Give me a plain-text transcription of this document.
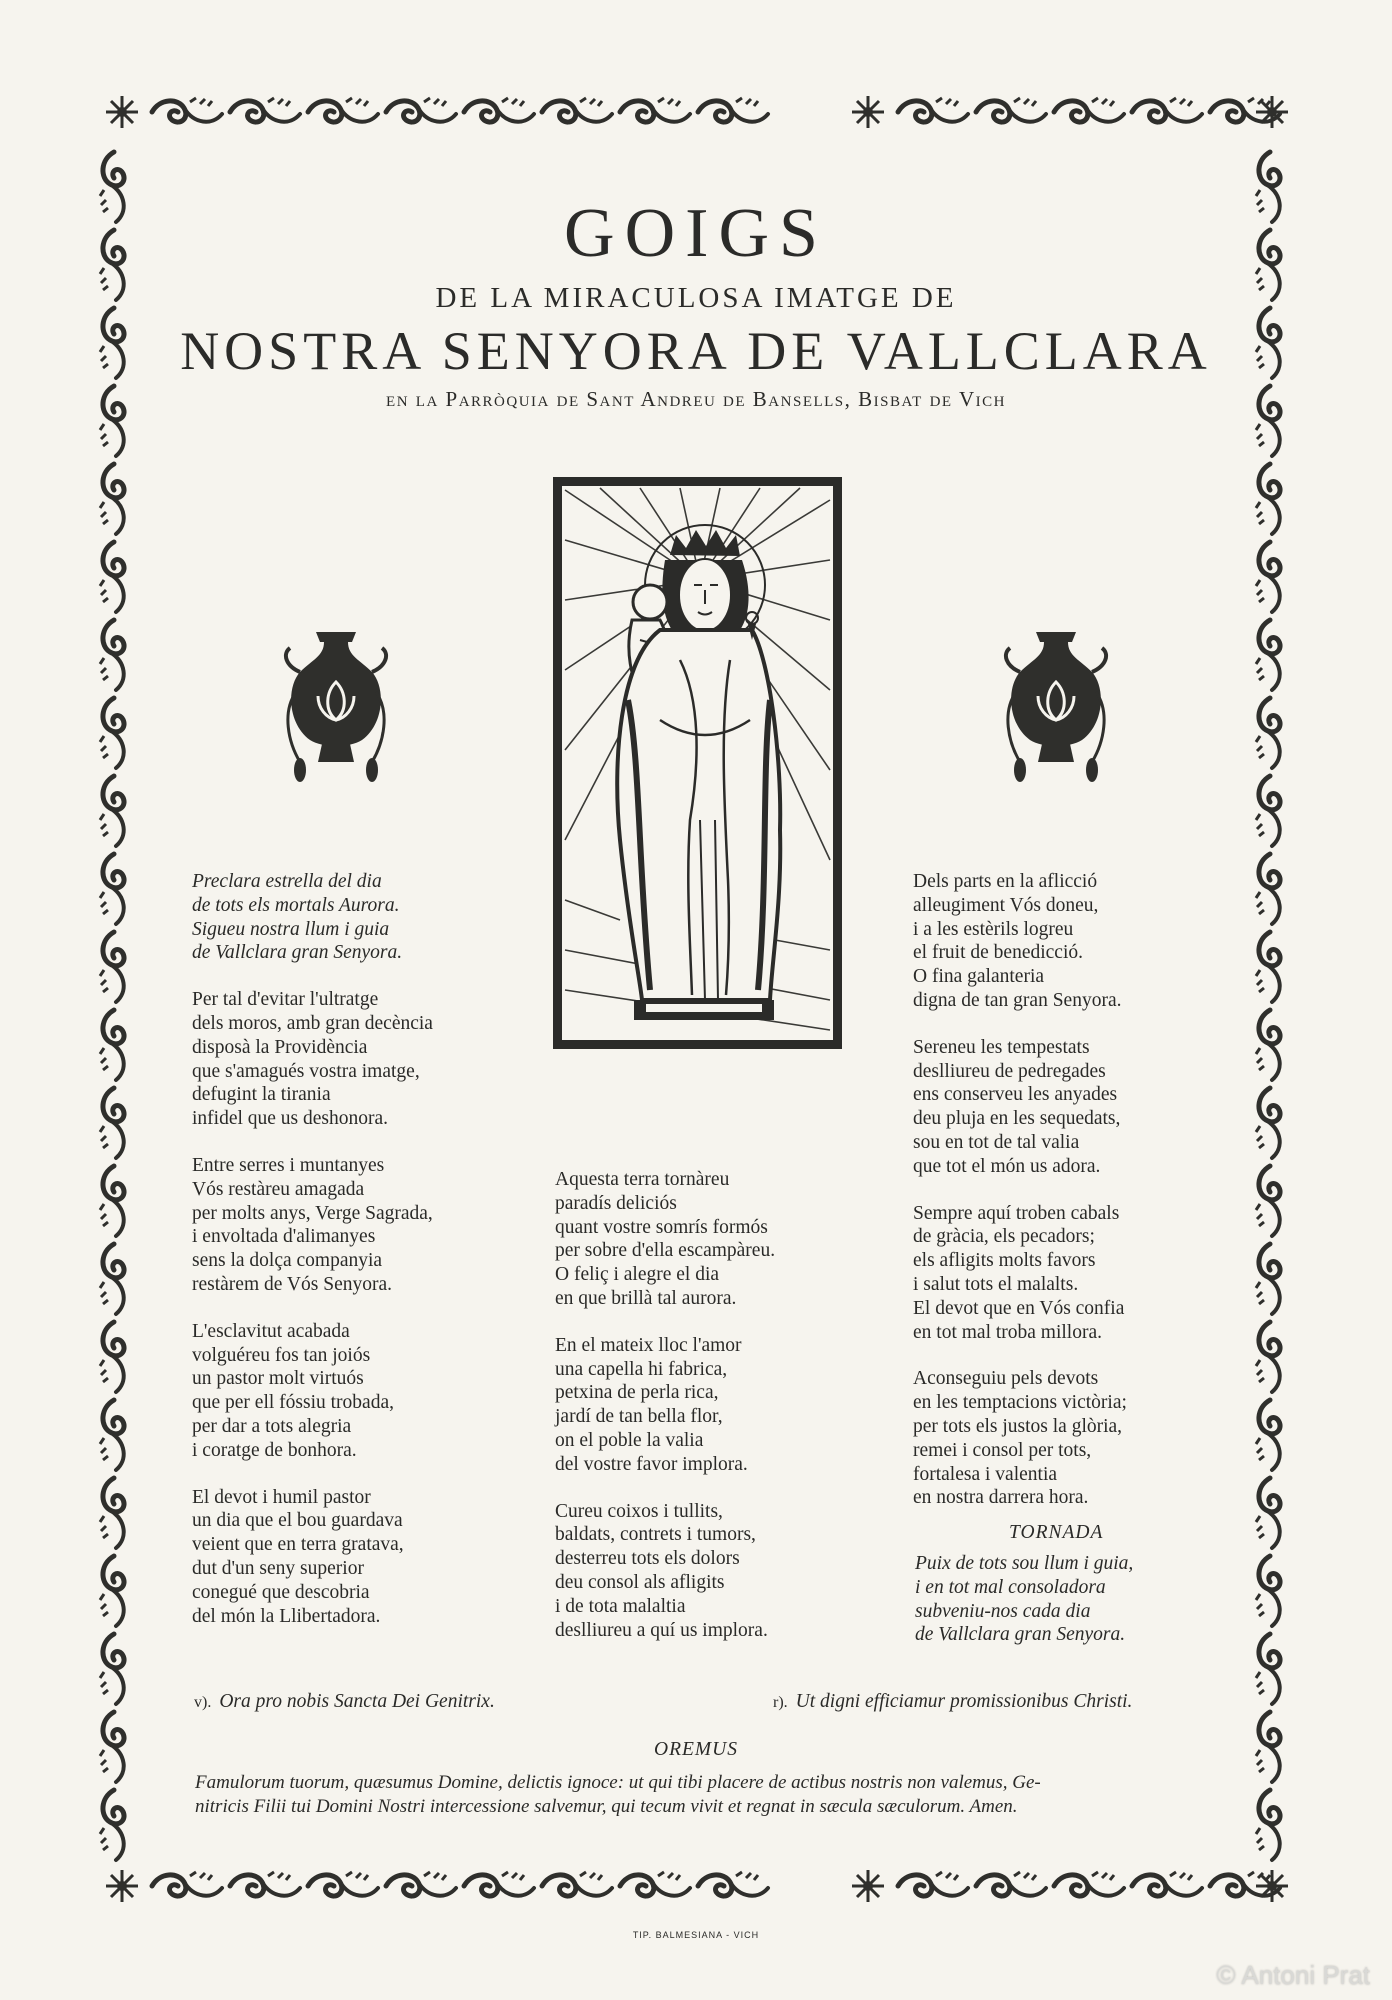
GOIGS
DE LA MIRACULOSA IMATGE DE
NOSTRA SENYORA DE VALLCLARA
en la Parròquia de Sant Andreu de Bansells, Bisbat de Vich
Preclara estrella del dia
de tots els mortals Aurora.
Sigueu nostra llum i guia
de Vallclara gran Senyora.
Per tal d'evitar l'ultratge
dels moros, amb gran decència
disposà la Providència
que s'amagués vostra imatge,
defugint la tirania
infidel que us deshonora.
Entre serres i muntanyes
Vós restàreu amagada
per molts anys, Verge Sagrada,
i envoltada d'alimanyes
sens la dolça companyia
restàrem de Vós Senyora.
L'esclavitut acabada
volguéreu fos tan joiós
un pastor molt virtuós
que per ell fóssiu trobada,
per dar a tots alegria
i coratge de bonhora.
El devot i humil pastor
un dia que el bou guardava
veient que en terra gratava,
dut d'un seny superior
conegué que descobria
del món la Llibertadora.
Aquesta terra tornàreu
paradís deliciós
quant vostre somrís formós
per sobre d'ella escampàreu.
O feliç i alegre el dia
en que brillà tal aurora.
En el mateix lloc l'amor
una capella hi fabrica,
petxina de perla rica,
jardí de tan bella flor,
on el poble la valia
del vostre favor implora.
Cureu coixos i tullits,
baldats, contrets i tumors,
desterreu tots els dolors
deu consol als afligits
i de tota malaltia
deslliureu a quí us implora.
Dels parts en la aflicció
alleugiment Vós doneu,
i a les estèrils logreu
el fruit de benedicció.
O fina galanteria
digna de tan gran Senyora.
Sereneu les tempestats
deslliureu de pedregades
ens conserveu les anyades
deu pluja en les sequedats,
sou en tot de tal valia
que tot el món us adora.
Sempre aquí troben cabals
de gràcia, els pecadors;
els afligits molts favors
i salut tots el malalts.
El devot que en Vós confia
en tot mal troba millora.
Aconseguiu pels devots
en les temptacions victòria;
per tots els justos la glòria,
remei i consol per tots,
fortalesa i valentia
en nostra darrera hora.
TORNADA
Puix de tots sou llum i guia,
i en tot mal consoladora
subveniu-nos cada dia
de Vallclara gran Senyora.
v). Ora pro nobis Sancta Dei Genitrix.	r). Ut digni efficiamur promissionibus Christi.
OREMUS
Famulorum tuorum, quæsumus Domine, delictis ignoce: ut qui tibi placere de actibus nostris non valemus, Ge-
nitricis Filii tui Domini Nostri intercessione salvemur, qui tecum vivit et regnat in sæcula sæculorum. Amen.
TIP. BALMESIANA - VICH
© Antoni Prat
